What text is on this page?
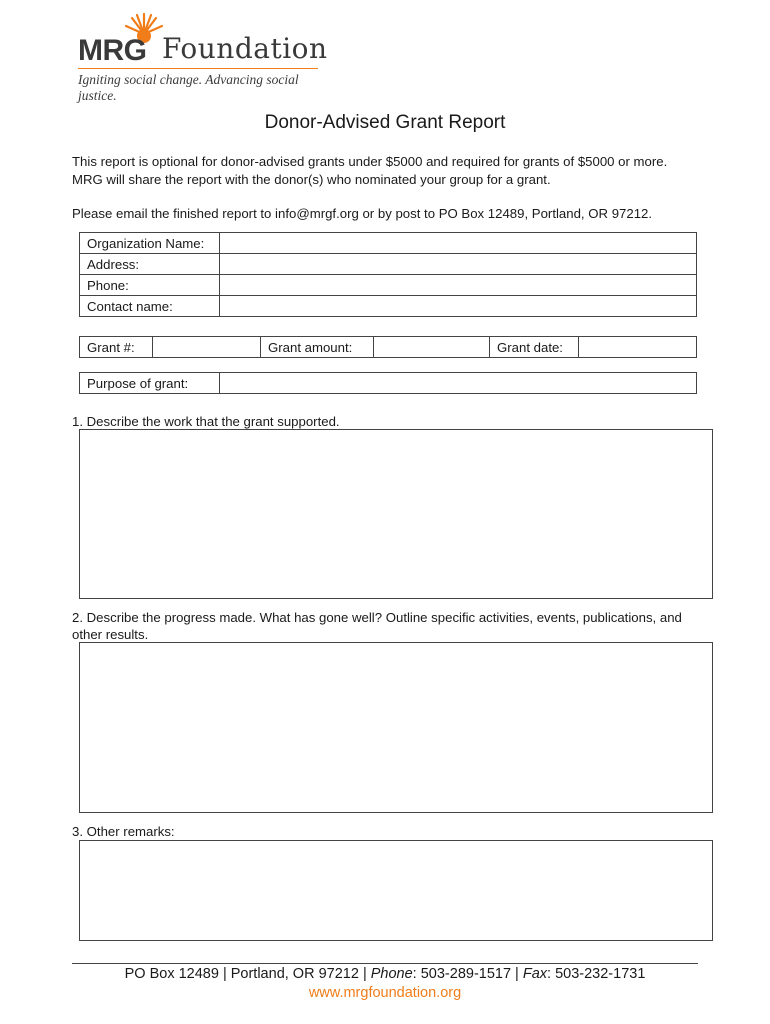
MRG Foundation
Igniting social change. Advancing social justice.
Donor-Advised Grant Report
This report is optional for donor-advised grants under $5000 and required for grants of $5000 or more. MRG will share the report with the donor(s) who nominated your group for a grant.
Please email the finished report to info@mrgf.org or by post to PO Box 12489, Portland, OR 97212.
Organization Name:	
Address:	
Phone:	
Contact name:	
Grant #:		Grant amount:		Grant date:	
Purpose of grant:	
1. Describe the work that the grant supported.
2. Describe the progress made. What has gone well? Outline specific activities, events, publications, and other results.
3. Other remarks:
PO Box 12489 | Portland, OR 97212 | Phone: 503-289-1517 | Fax: 503-232-1731
www.mrgfoundation.org
